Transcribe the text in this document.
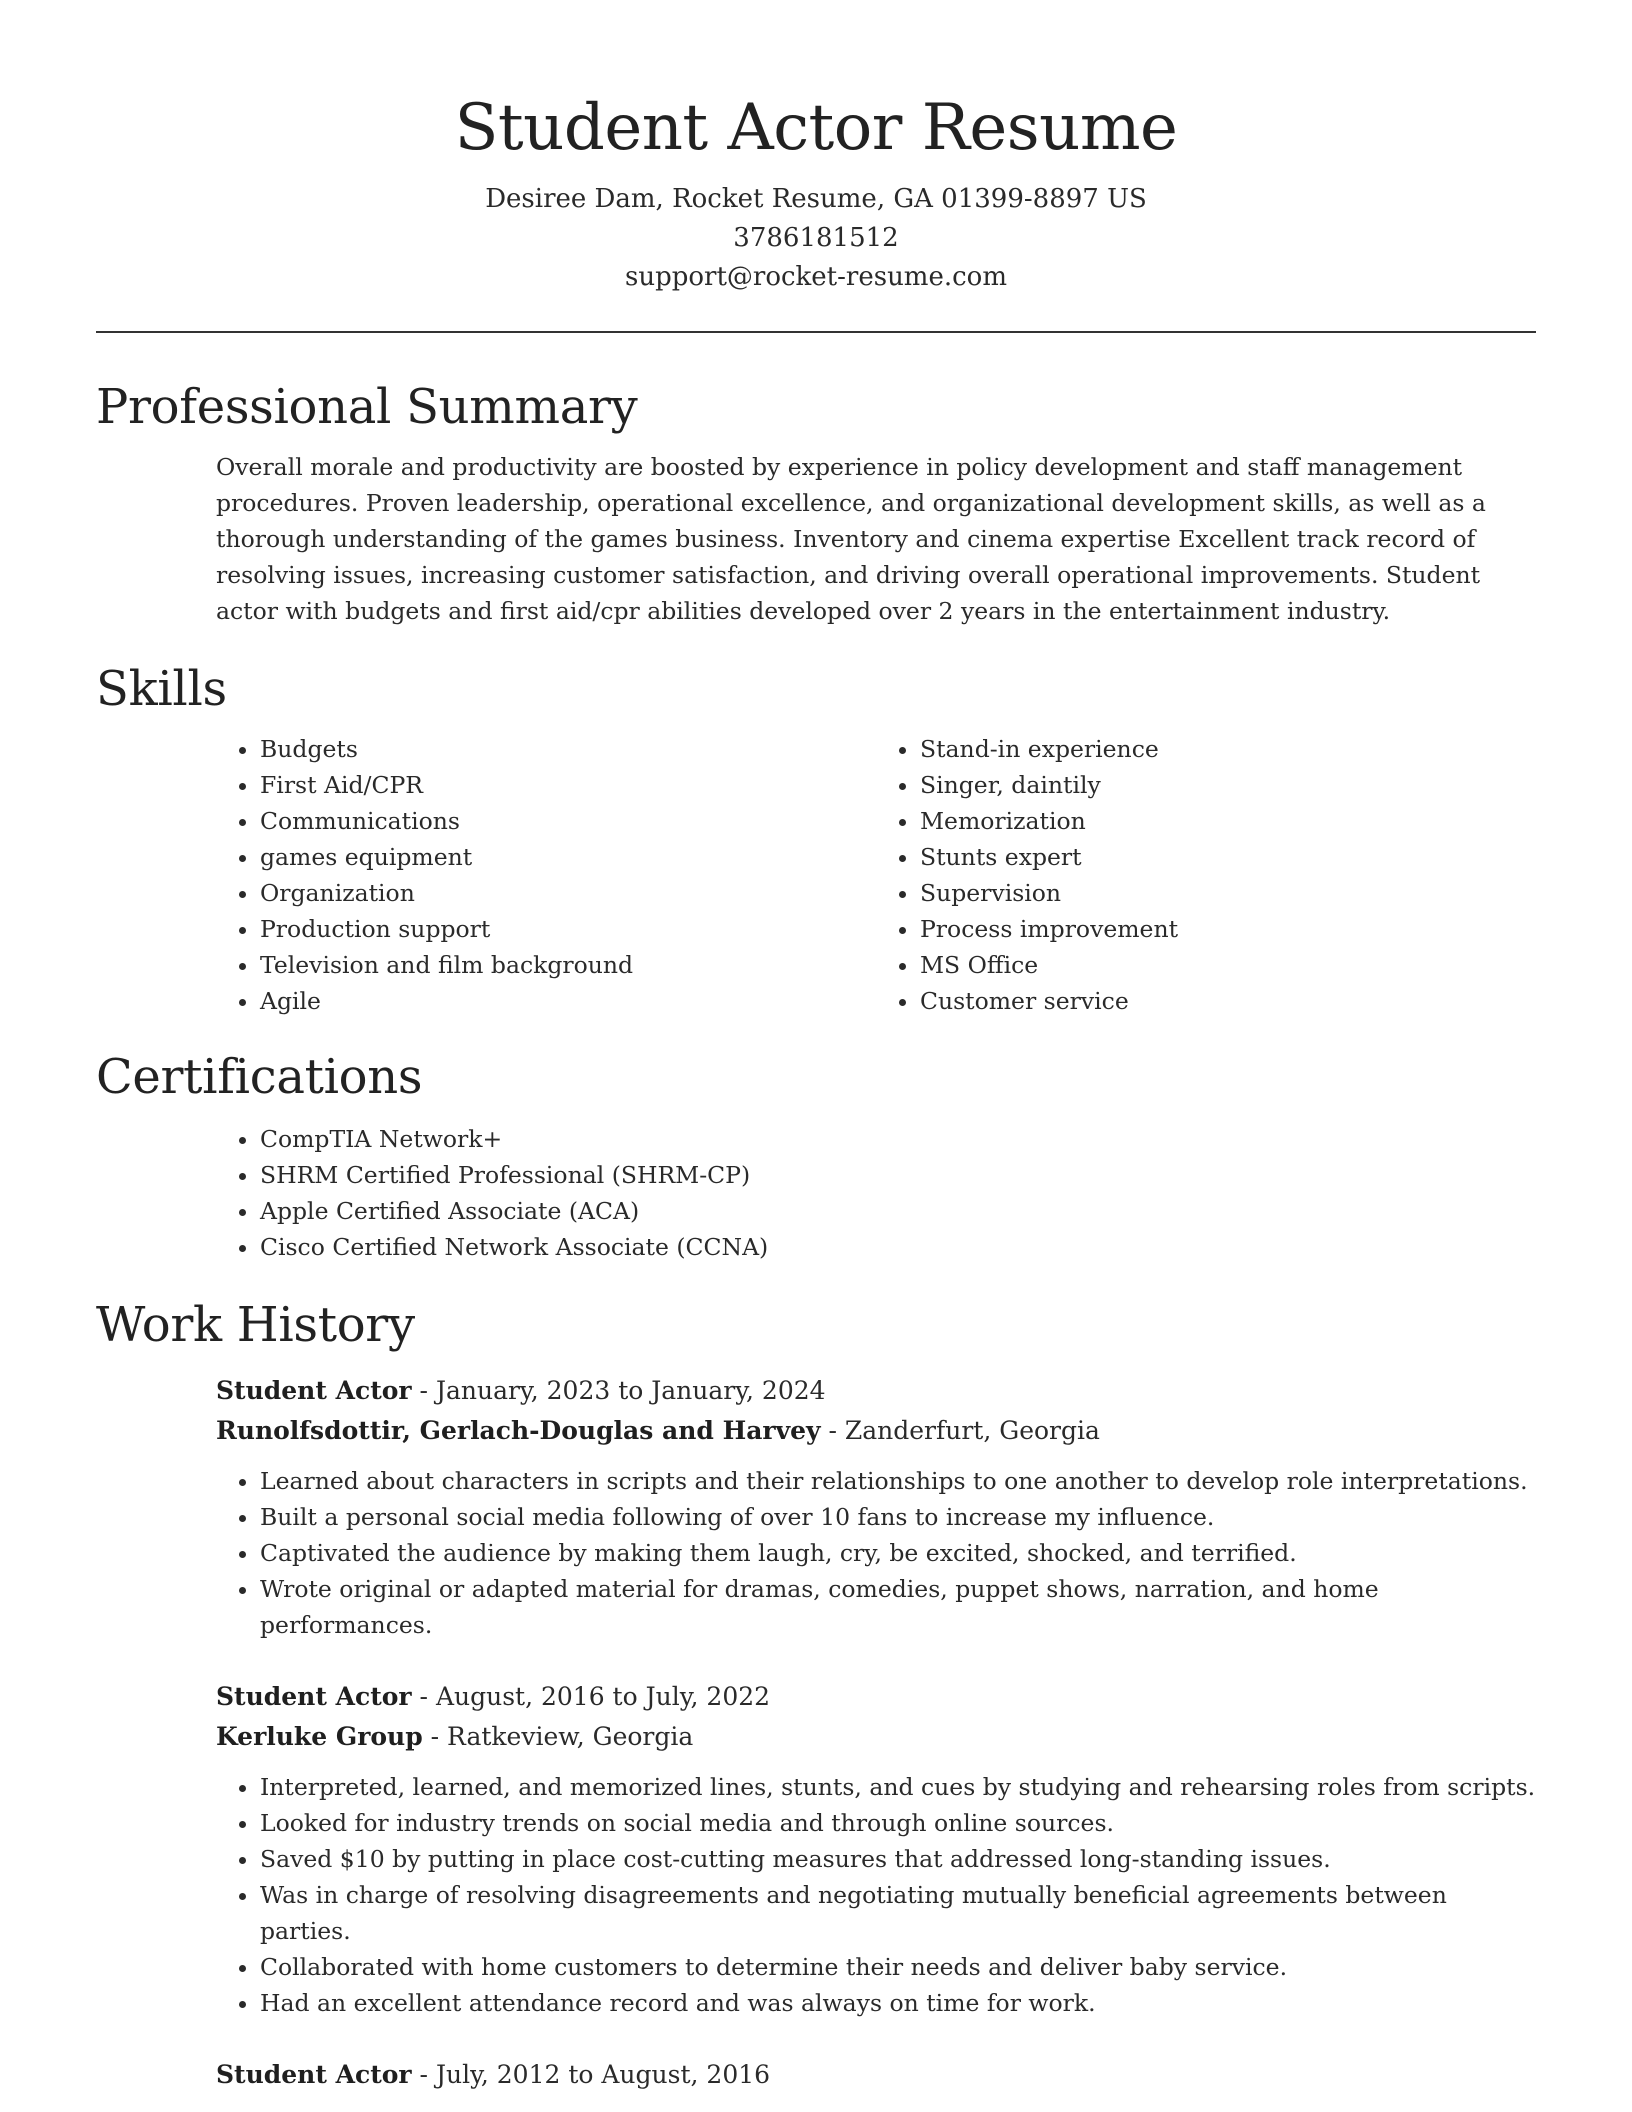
Student Actor Resume
Desiree Dam, Rocket Resume, GA 01399-8897 US
3786181512
support@rocket-resume.com
Professional Summary

Overall morale and productivity are boosted by experience in policy development and staff management procedures. Proven leadership, operational excellence, and organizational development skills, as well as a thorough understanding of the games business. Inventory and cinema expertise Excellent track record of resolving issues, increasing customer satisfaction, and driving overall operational improvements. Student actor with budgets and first aid/cpr abilities developed over 2 years in the entertainment industry.

Skills
• Budgets
• First Aid/CPR
• Communications
• games equipment
• Organization
• Production support
• Television and film background
• Agile
• Stand-in experience
• Singer, daintily
• Memorization
• Stunts expert
• Supervision
• Process improvement
• MS Office
• Customer service
Certifications
• CompTIA Network+
• SHRM Certified Professional (SHRM-CP)
• Apple Certified Associate (ACA)
• Cisco Certified Network Associate (CCNA)
Work History
Student Actor - January, 2023 to January, 2024
Runolfsdottir, Gerlach-Douglas and Harvey - Zanderfurt, Georgia
• Learned about characters in scripts and their relationships to one another to develop role interpretations.
• Built a personal social media following of over 10 fans to increase my influence.
• Captivated the audience by making them laugh, cry, be excited, shocked, and terrified.
• Wrote original or adapted material for dramas, comedies, puppet shows, narration, and home performances.
Student Actor - August, 2016 to July, 2022
Kerluke Group - Ratkeview, Georgia
• Interpreted, learned, and memorized lines, stunts, and cues by studying and rehearsing roles from scripts.
• Looked for industry trends on social media and through online sources.
• Saved $10 by putting in place cost-cutting measures that addressed long-standing issues.
• Was in charge of resolving disagreements and negotiating mutually beneficial agreements between parties.
• Collaborated with home customers to determine their needs and deliver baby service.
• Had an excellent attendance record and was always on time for work.
Student Actor - July, 2012 to August, 2016
